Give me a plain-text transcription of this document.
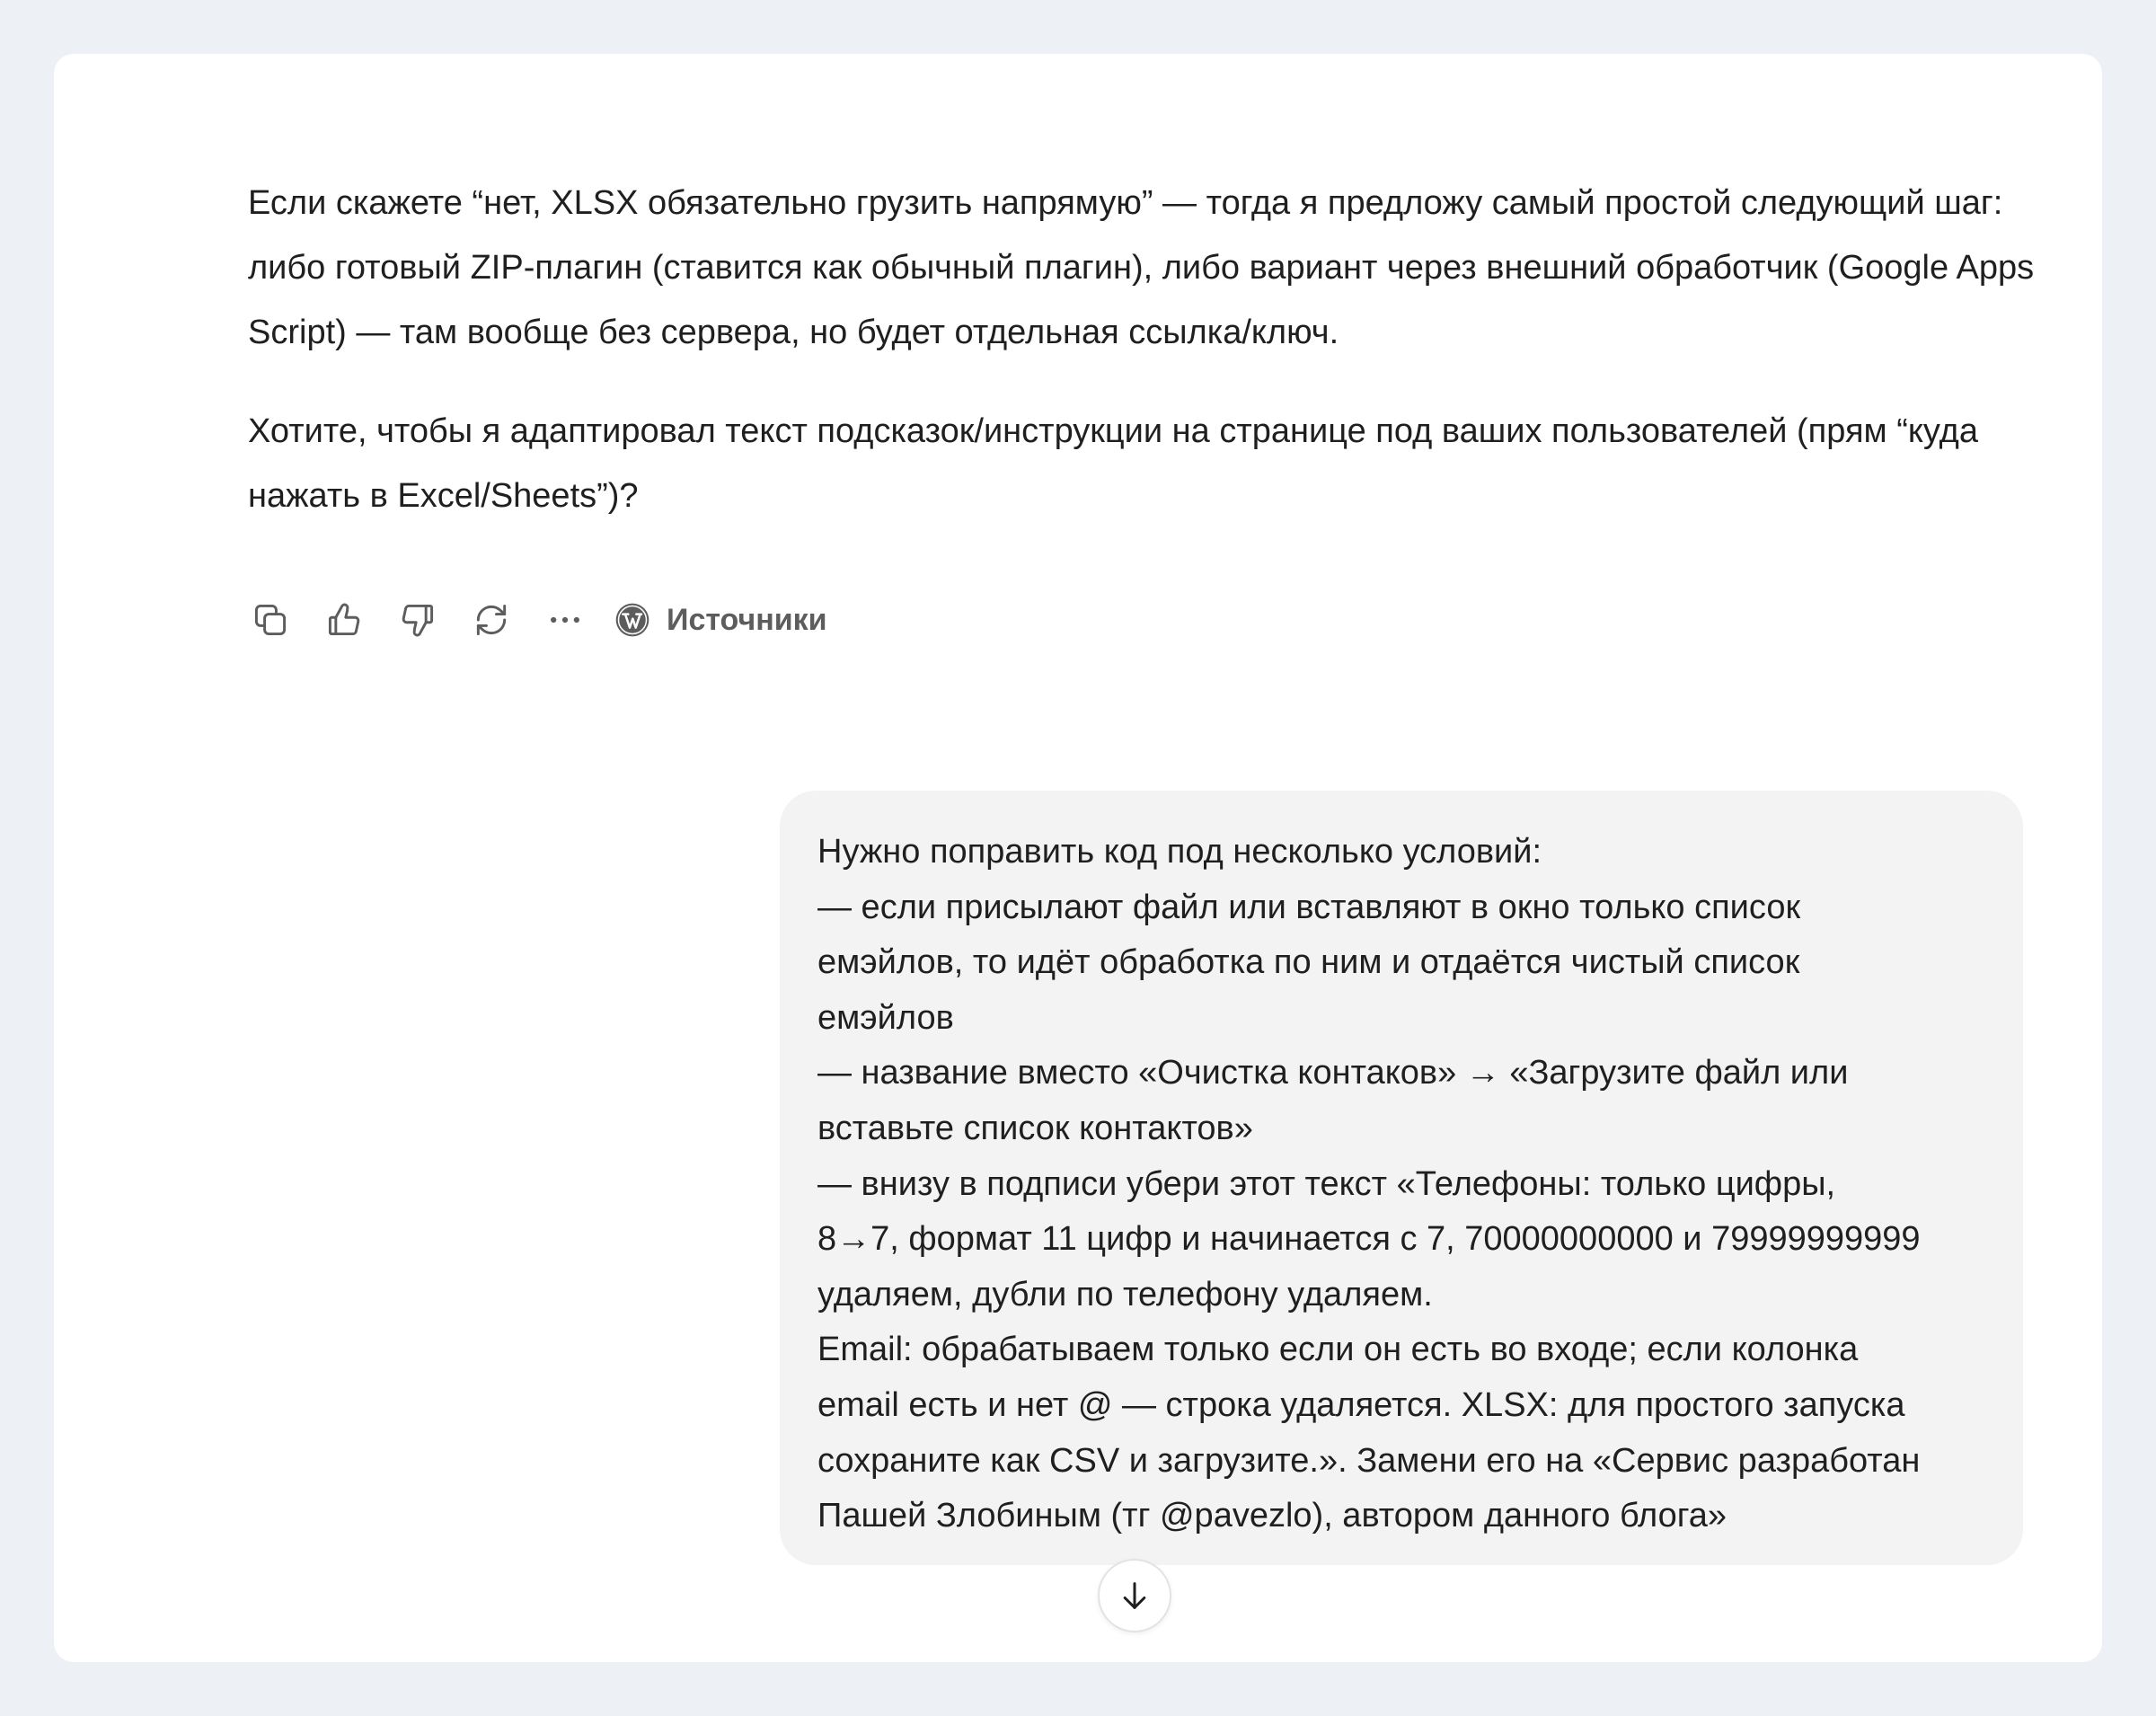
Если скажете “нет, XLSX обязательно грузить напрямую” — тогда я предложу самый простой следующий шаг: либо готовый ZIP-плагин (ставится как обычный плагин), либо вариант через внешний обработчик (Google Apps Script) — там вообще без сервера, но будет отдельная ссылка/ключ.

Хотите, чтобы я адаптировал текст подсказок/инструкции на странице под ваших пользователей (прям “куда нажать в Excel/Sheets”)?

Источники
Нужно поправить код под несколько условий:
— если присылают файл или вставляют в окно только список
емэйлов, то идёт обработка по ним и отдаётся чистый список
емэйлов
— название вместо «Очистка контаков» → «Загрузите файл или
вставьте список контактов»
— внизу в подписи убери этот текст «Телефоны: только цифры,
8→7, формат 11 цифр и начинается с 7, 70000000000 и 79999999999
удаляем, дубли по телефону удаляем.
Email: обрабатываем только если он есть во входе; если колонка
email есть и нет @ — строка удаляется. XLSX: для простого запуска
сохраните как CSV и загрузите.». Замени его на «Сервис разработан
Пашей Злобиным (тг @pavezlo), автором данного блога»
